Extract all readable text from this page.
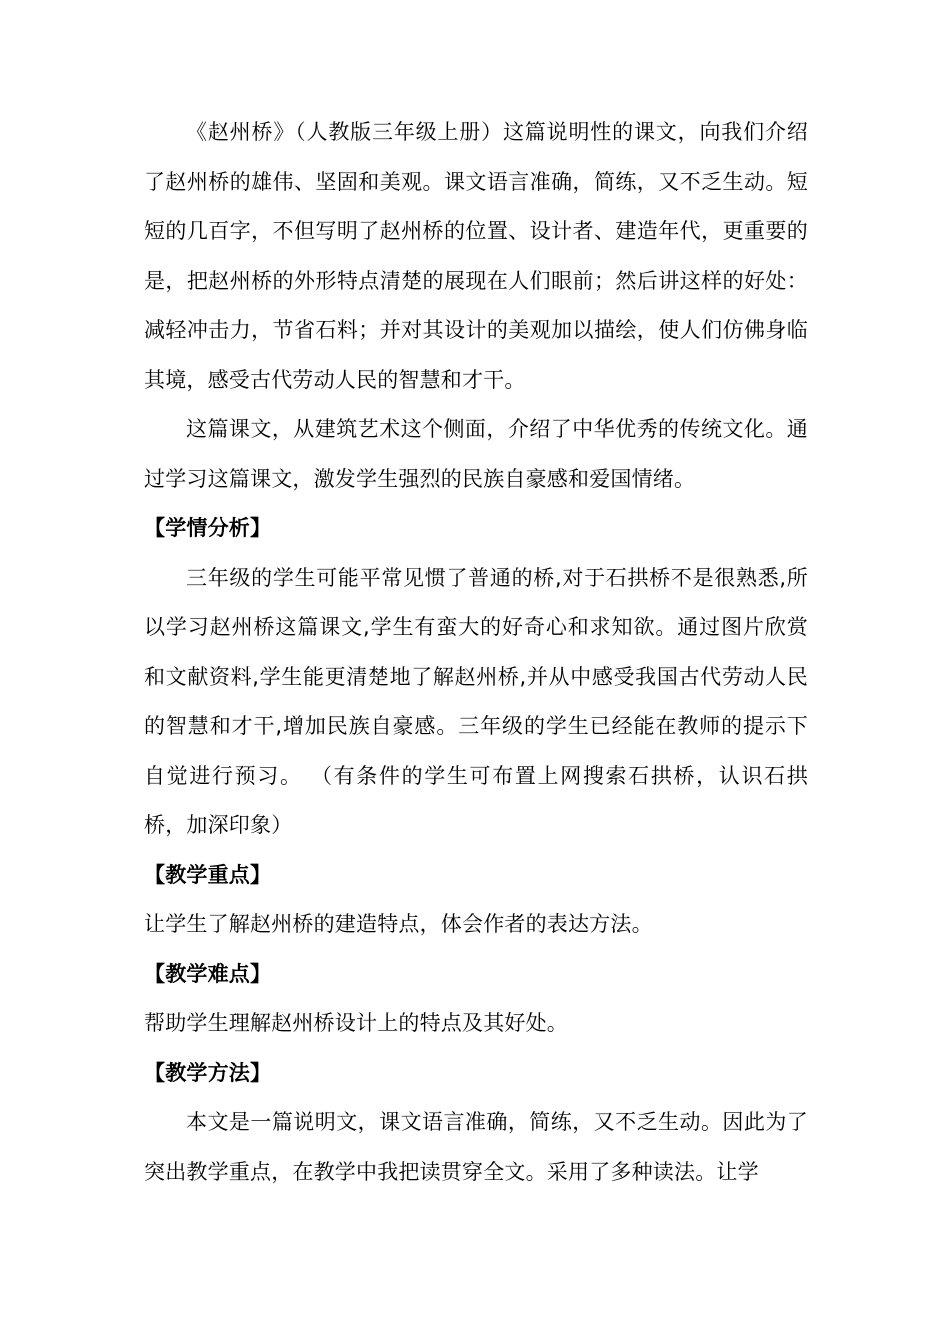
《赵州桥》（人教版三年级上册）这篇说明性的课文，向我们介绍了赵州桥的雄伟、坚固和美观。课文语言准确，简练，又不乏生动。短短的几百字，不但写明了赵州桥的位置、设计者、建造年代，更重要的是，把赵州桥的外形特点清楚的展现在人们眼前；然后讲这样的好处：减轻冲击力，节省石料；并对其设计的美观加以描绘，使人们仿佛身临其境，感受古代劳动人民的智慧和才干。

这篇课文，从建筑艺术这个侧面，介绍了中华优秀的传统文化。通过学习这篇课文，激发学生强烈的民族自豪感和爱国情绪。

【学情分析】

三年级的学生可能平常见惯了普通的桥,对于石拱桥不是很熟悉,所以学习赵州桥这篇课文,学生有蛮大的好奇心和求知欲。通过图片欣赏和文献资料,学生能更清楚地了解赵州桥,并从中感受我国古代劳动人民的智慧和才干,增加民族自豪感。三年级的学生已经能在教师的提示下自觉进行预习。 （有条件的学生可布置上网搜索石拱桥，认识石拱桥，加深印象）

【教学重点】

让学生了解赵州桥的建造特点，体会作者的表达方法。

【教学难点】

帮助学生理解赵州桥设计上的特点及其好处。

【教学方法】

本文是一篇说明文，课文语言准确，简练，又不乏生动。因此为了突出教学重点，在教学中我把读贯穿全文。采用了多种读法。让学
